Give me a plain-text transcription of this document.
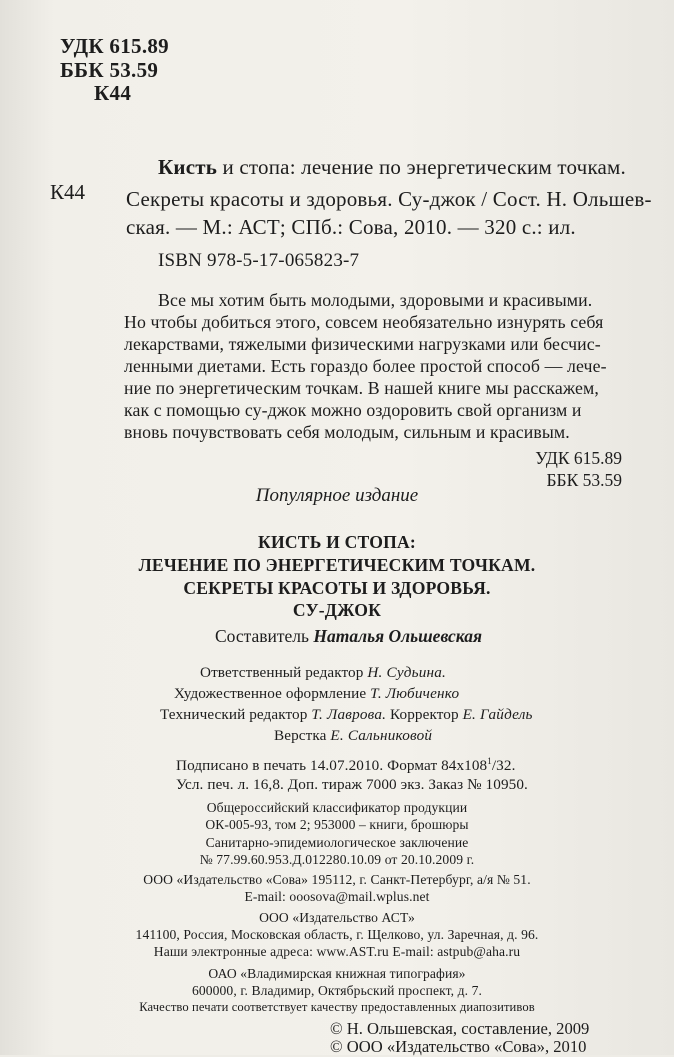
УДК 615.89
ББК 53.59
К44
Кисть и стопа: лечение по энергетическим точкам.
К44 Секреты красоты и здоровья. Су-джок / Сост. Н. Ольшев-
ская. — М.: АСТ; СПб.: Сова, 2010. — 320 с.: ил.
ISBN 978-5-17-065823-7
Все мы хотим быть молодыми, здоровыми и красивыми.
Но чтобы добиться этого, совсем необязательно изнурять себя
лекарствами, тяжелыми физическими нагрузками или бесчис-
ленными диетами. Есть гораздо более простой способ — лече-
ние по энергетическим точкам. В нашей книге мы расскажем,
как с помощью су-джок можно оздоровить свой организм и
вновь почувствовать себя молодым, сильным и красивым.
УДК 615.89
ББК 53.59
Популярное издание
КИСТЬ И СТОПА:
ЛЕЧЕНИЕ ПО ЭНЕРГЕТИЧЕСКИМ ТОЧКАМ.
СЕКРЕТЫ КРАСОТЫ И ЗДОРОВЬЯ.
СУ-ДЖОК
Составитель Наталья Ольшевская
Ответственный редактор Н. Судьина.
Художественное оформление Т. Любиченко
Технический редактор Т. Лаврова. Корректор Е. Гайдель
Верстка Е. Сальниковой
Подписано в печать 14.07.2010. Формат $84x108^1/32$.
Усл. печ. л. 16,8. Доп. тираж 7000 экз. Заказ № 10950.
Общероссийский классификатор продукции
ОК-005-93, том 2; 953000 – книги, брошюры
Санитарно-эпидемиологическое заключение
№ 77.99.60.953.Д.012280.10.09 от 20.10.2009 г.
ООО «Издательство «Сова» 195112, г. Санкт-Петербург, а/я № 51.
E-mail: ooosova@mail.wplus.net
ООО «Издательство АСТ»
141100, Россия, Московская область, г. Щелково, ул. Заречная, д. 96.
Наши электронные адреса: www.AST.ru E-mail: astpub@aha.ru
ОАО «Владимирская книжная типография»
600000, г. Владимир, Октябрьский проспект, д. 7.
Качество печати соответствует качеству предоставленных диапозитивов
© Н. Ольшевская, составление, 2009
© ООО «Издательство «Сова», 2010
